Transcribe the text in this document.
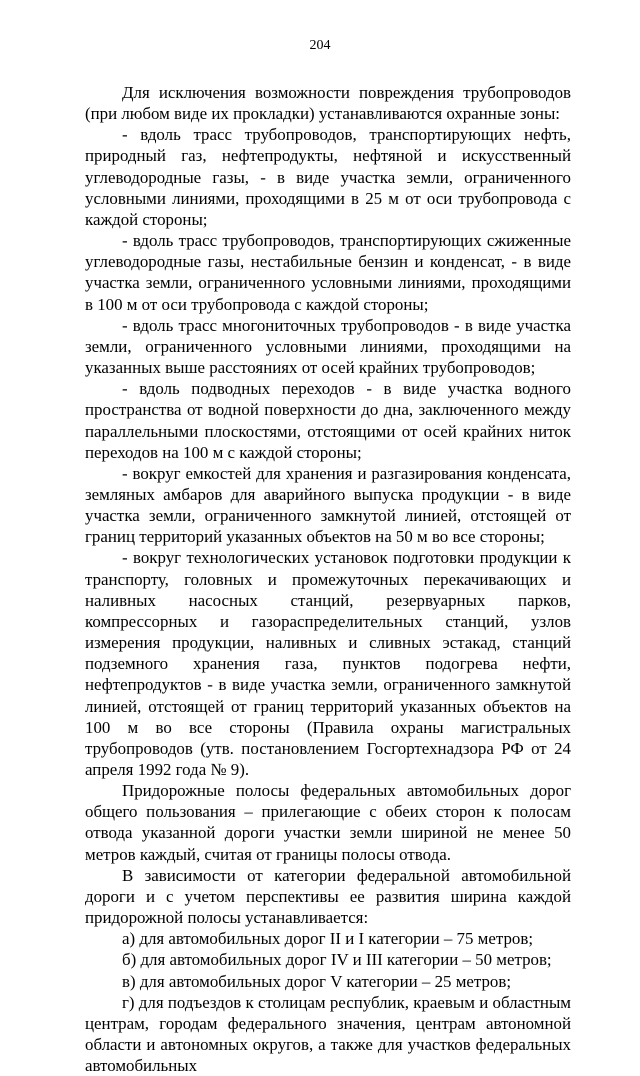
204

Для исключения возможности повреждения трубопроводов (при любом виде их прокладки) устанавливаются охранные зоны:

- вдоль трасс трубопроводов, транспортирующих нефть, природный газ, нефтепродукты, нефтяной и искусственный углеводородные газы, - в виде участка земли, ограниченного условными линиями, проходящими в 25 м от оси трубопровода с каждой стороны;

- вдоль трасс трубопроводов, транспортирующих сжиженные углеводородные газы, нестабильные бензин и конденсат, - в виде участка земли, ограниченного условными линиями, проходящими в 100 м от оси трубопровода с каждой стороны;

- вдоль трасс многониточных трубопроводов - в виде участка земли, ограниченного условными линиями, проходящими на указанных выше расстояниях от осей крайних трубопроводов;

- вдоль подводных переходов - в виде участка водного пространства от водной поверхности до дна, заключенного между параллельными плоскостями, отстоящими от осей крайних ниток переходов на 100 м с каждой стороны;

- вокруг емкостей для хранения и разгазирования конденсата, земляных амбаров для аварийного выпуска продукции - в виде участка земли, ограниченного замкнутой линией, отстоящей от границ территорий указанных объектов на 50 м во все стороны;

- вокруг технологических установок подготовки продукции к транспорту, головных и промежуточных перекачивающих и наливных насосных станций, резервуарных парков, компрессорных и газораспределительных станций, узлов измерения продукции, наливных и сливных эстакад, станций подземного хранения газа, пунктов подогрева нефти, нефтепродуктов - в виде участка земли, ограниченного замкнутой линией, отстоящей от границ территорий указанных объектов на 100 м во все стороны (Правила охраны магистральных трубопроводов (утв. постановлением Госгортехнадзора РФ от 24 апреля 1992 года № 9).

Придорожные полосы федеральных автомобильных дорог общего пользования – прилегающие с обеих сторон к полосам отвода указанной дороги участки земли шириной не менее 50 метров каждый, считая от границы полосы отвода.

В зависимости от категории федеральной автомобильной дороги и с учетом перспективы ее развития ширина каждой придорожной полосы устанавливается:

а) для автомобильных дорог II и I категории – 75 метров;

б) для автомобильных дорог IV и III категории – 50 метров;

в) для автомобильных дорог V категории – 25 метров;

г) для подъездов к столицам республик, краевым и областным центрам, городам федерального значения, центрам автономной области и автономных округов, а также для участков федеральных автомобильных
